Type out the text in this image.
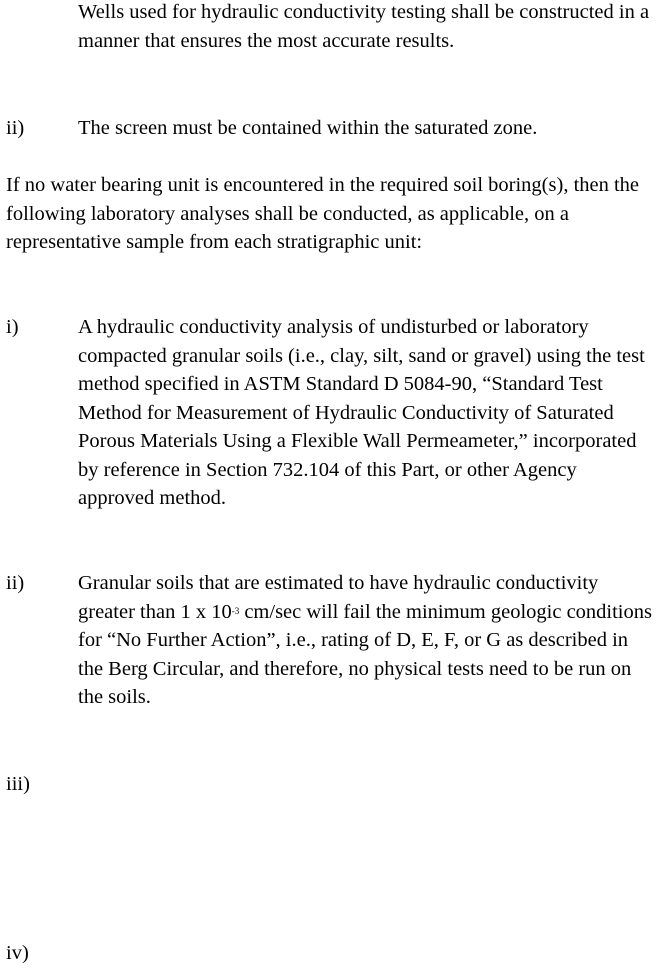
Wells used for hydraulic conductivity testing shall be constructed in a manner that ensures the most accurate results.

ii)	The screen must be contained within the saturated zone.

If no water bearing unit is encountered in the required soil boring(s), then the following laboratory analyses shall be conducted, as applicable, on a representative sample from each stratigraphic unit:

i)	A hydraulic conductivity analysis of undisturbed or laboratory compacted granular soils (i.e., clay, silt, sand or gravel) using the test method specified in ASTM Standard D 5084-90, “Standard Test Method for Measurement of Hydraulic Conductivity of Saturated Porous Materials Using a Flexible Wall Permeameter,” incorporated by reference in Section 732.104 of this Part, or other Agency approved method.

ii)	Granular soils that are estimated to have hydraulic conductivity greater than 1 x $10^{-3}$ cm/sec will fail the minimum geologic conditions for “No Further Action”, i.e., rating of D, E, F, or G as described in the Berg Circular, and therefore, no physical tests need to be run on the soils.

iii)

iv)
